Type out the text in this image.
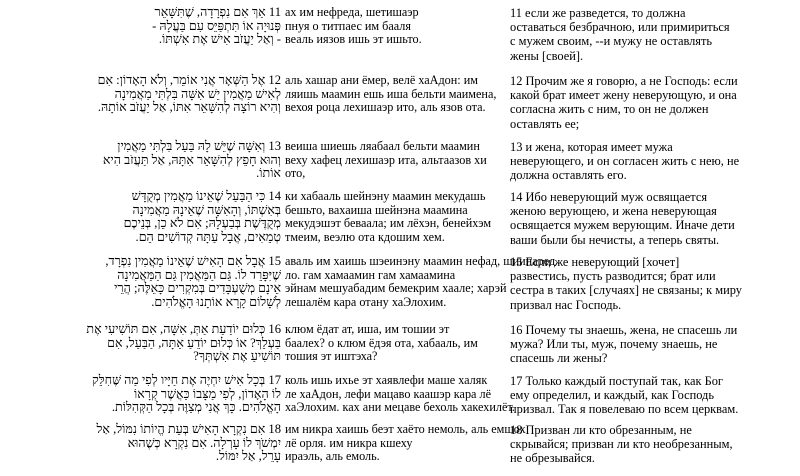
11 אַךְ אִם נִפְרָדָה, שֶׁתִּשָּׁאֵר
פְּנוּיָה אוֹ תִּתְפַּיֵּס עִם בַּעֲלָהּ -
- וְאַל יַעֲזֹב אִישׁ אֶת אִשְׁתּוֹ.
ах им нефреда, шетишаэр
пнуя о титпаес им бааля
веаль иязов ишь эт ишьто.
11 если же разведется, то должна
оставаться безбрачною, или примириться
с мужем своим, --и мужу не оставлять
жены [своей].
12 אֶל הַשְּׁאָר אֲנִי אוֹמֵר, וְלֹא הָאָדוֹן: אִם
לְאִישׁ מַאֲמִין יֵשׁ אִשָּׁה בִּלְתִּי מַאֲמִינָה
וְהִיא רוֹצָה לְהִשָּׁאֵר אִתּוֹ, אַל יַעֲזֹב אוֹתָהּ.
аль хашар ани ёмер, велё хаАдон: им
ляишь маамин ешь иша бельти маимена,
вехоя роца лехишаэр ито, аль язов ота.
12 Прочим же я говорю, а не Господь: если
какой брат имеет жену неверующую, и она
согласна жить с ним, то он не должен
оставлять ее;
13 וְאִשָּׁה שֶׁיֵּשׁ לָהּ בַּעַל בִּלְתִּי מַאֲמִין
וְהוּא חָפֵץ לְהִשָּׁאֵר אִתָּהּ, אַל תַּעֲזֹב הִיא
אוֹתוֹ.
веиша шиешь ляабаал бельти маамин
веху хафец лехишаэр ита, альтаазов хи
ото,
13 и жена, которая имеет мужа
неверующего, и он согласен жить с нею, не
должна оставлять его.
14 כִּי הַבַּעַל שֶׁאֵינוֹ מַאֲמִין מְקֻדָּשׁ
בְּאִשְׁתּוֹ, וְהָאִשָּׁה שֶׁאֵינָהּ מַאֲמִינָה
מְקֻדֶּשֶׁת בְּבַעְלָהּ; אִם לֹא כֵן, בְּנֵיכֶם
טְמֵאִים, אֲבָל עַתָּה קְדוֹשִׁים הֵם.
ки хабааль шейнэну маамин мекудашь
бешьто, вахаиша шейнэна маамина
мекудэшэт беваала; им лёхэн, бенейхэм
тмеим, веэлю ота кдошим хем.
14 Ибо неверующий муж освящается
женою верующею, и жена неверующая
освящается мужем верующим. Иначе дети
ваши были бы нечисты, а теперь святы.
15 אֲבָל אִם הָאִישׁ שֶׁאֵינוֹ מַאֲמִין נִפְרָד,
שֶׁיִּפָּרֵד לוֹ. גַּם הַמַּאֲמִין גַּם הַמַּאֲמִינָה
אֵינָם מְשֻׁעְבָּדִים בְּמִקְרִים כָּאֵלֶּה; הֲרֵי
לְשָׁלוֹם קָרָא אוֹתָנוּ הָאֱלֹהִים.
аваль им хаишь шэеинэну маамин нефад, шиипаред
ло. гам хамаамин гам хамаамина
эйнам мешуабадим бемекрим хаале; харэй
лешалём кара отану хаЭлохим.
15 Если же неверующий [хочет]
развестись, пусть разводится; брат или
сестра в таких [случаях] не связаны; к миру
призвал нас Господь.
16 כְּלוּם יוֹדַעַת אַתְּ, אִשָּׁה, אִם תּוֹשִׁיעִי אֶת
בַּעְלֵךְ? אוֹ כְּלוּם יוֹדֵעַ אַתָּה, הַבַּעַל, אִם
תּוֹשִׁיעַ אֶת אִשְׁתְּךָ?
клюм ёдат ат, иша, им тошии эт
баалех? о клюм ёдэя ота, хабааль, им
тошия эт иштэха?
16 Почему ты знаешь, жена, не спасешь ли
мужа? Или ты, муж, почему знаешь, не
спасешь ли жены?
17 בְּכָל אִישׁ יִחְיֶה אֶת חַיָּיו לְפִי מַה שֶּׁחִלֵּק
לוֹ הָאָדוֹן, לְפִי מַצָּבוֹ כַּאֲשֶׁר קְרָאוֹ
הָאֱלֹהִים. כָּךְ אֲנִי מְצַוֶּה בְּכָל הַקְּהִלּוֹת.
коль ишь ихье эт хаявлефи маше халяк
ле хаАдон, лефи мацаво каашэр кара лё
хаЭлохим. ках ани мецаве бехоль хакехилёт.
17 Только каждый поступай так, как Бог
ему определил, и каждый, как Господь
призвал. Так я повелеваю по всем церквам.
18 אִם נִקְרָא הָאִישׁ בְּעֵת הֱיוֹתוֹ נִמּוֹל, אַל
יִמְשֹׁךְ לוֹ עָרְלָה. אִם נִקְרָא כְּשֶׁהוּא
עָרֵל, אַל יִמּוֹל.
им никра хаишь беэт хаёто немоль, аль емшох
лё орля. им никра кшеху
ираэль, аль емоль.
18 Призван ли кто обрезанным, не
скрывайся; призван ли кто необрезанным,
не обрезывайся.
